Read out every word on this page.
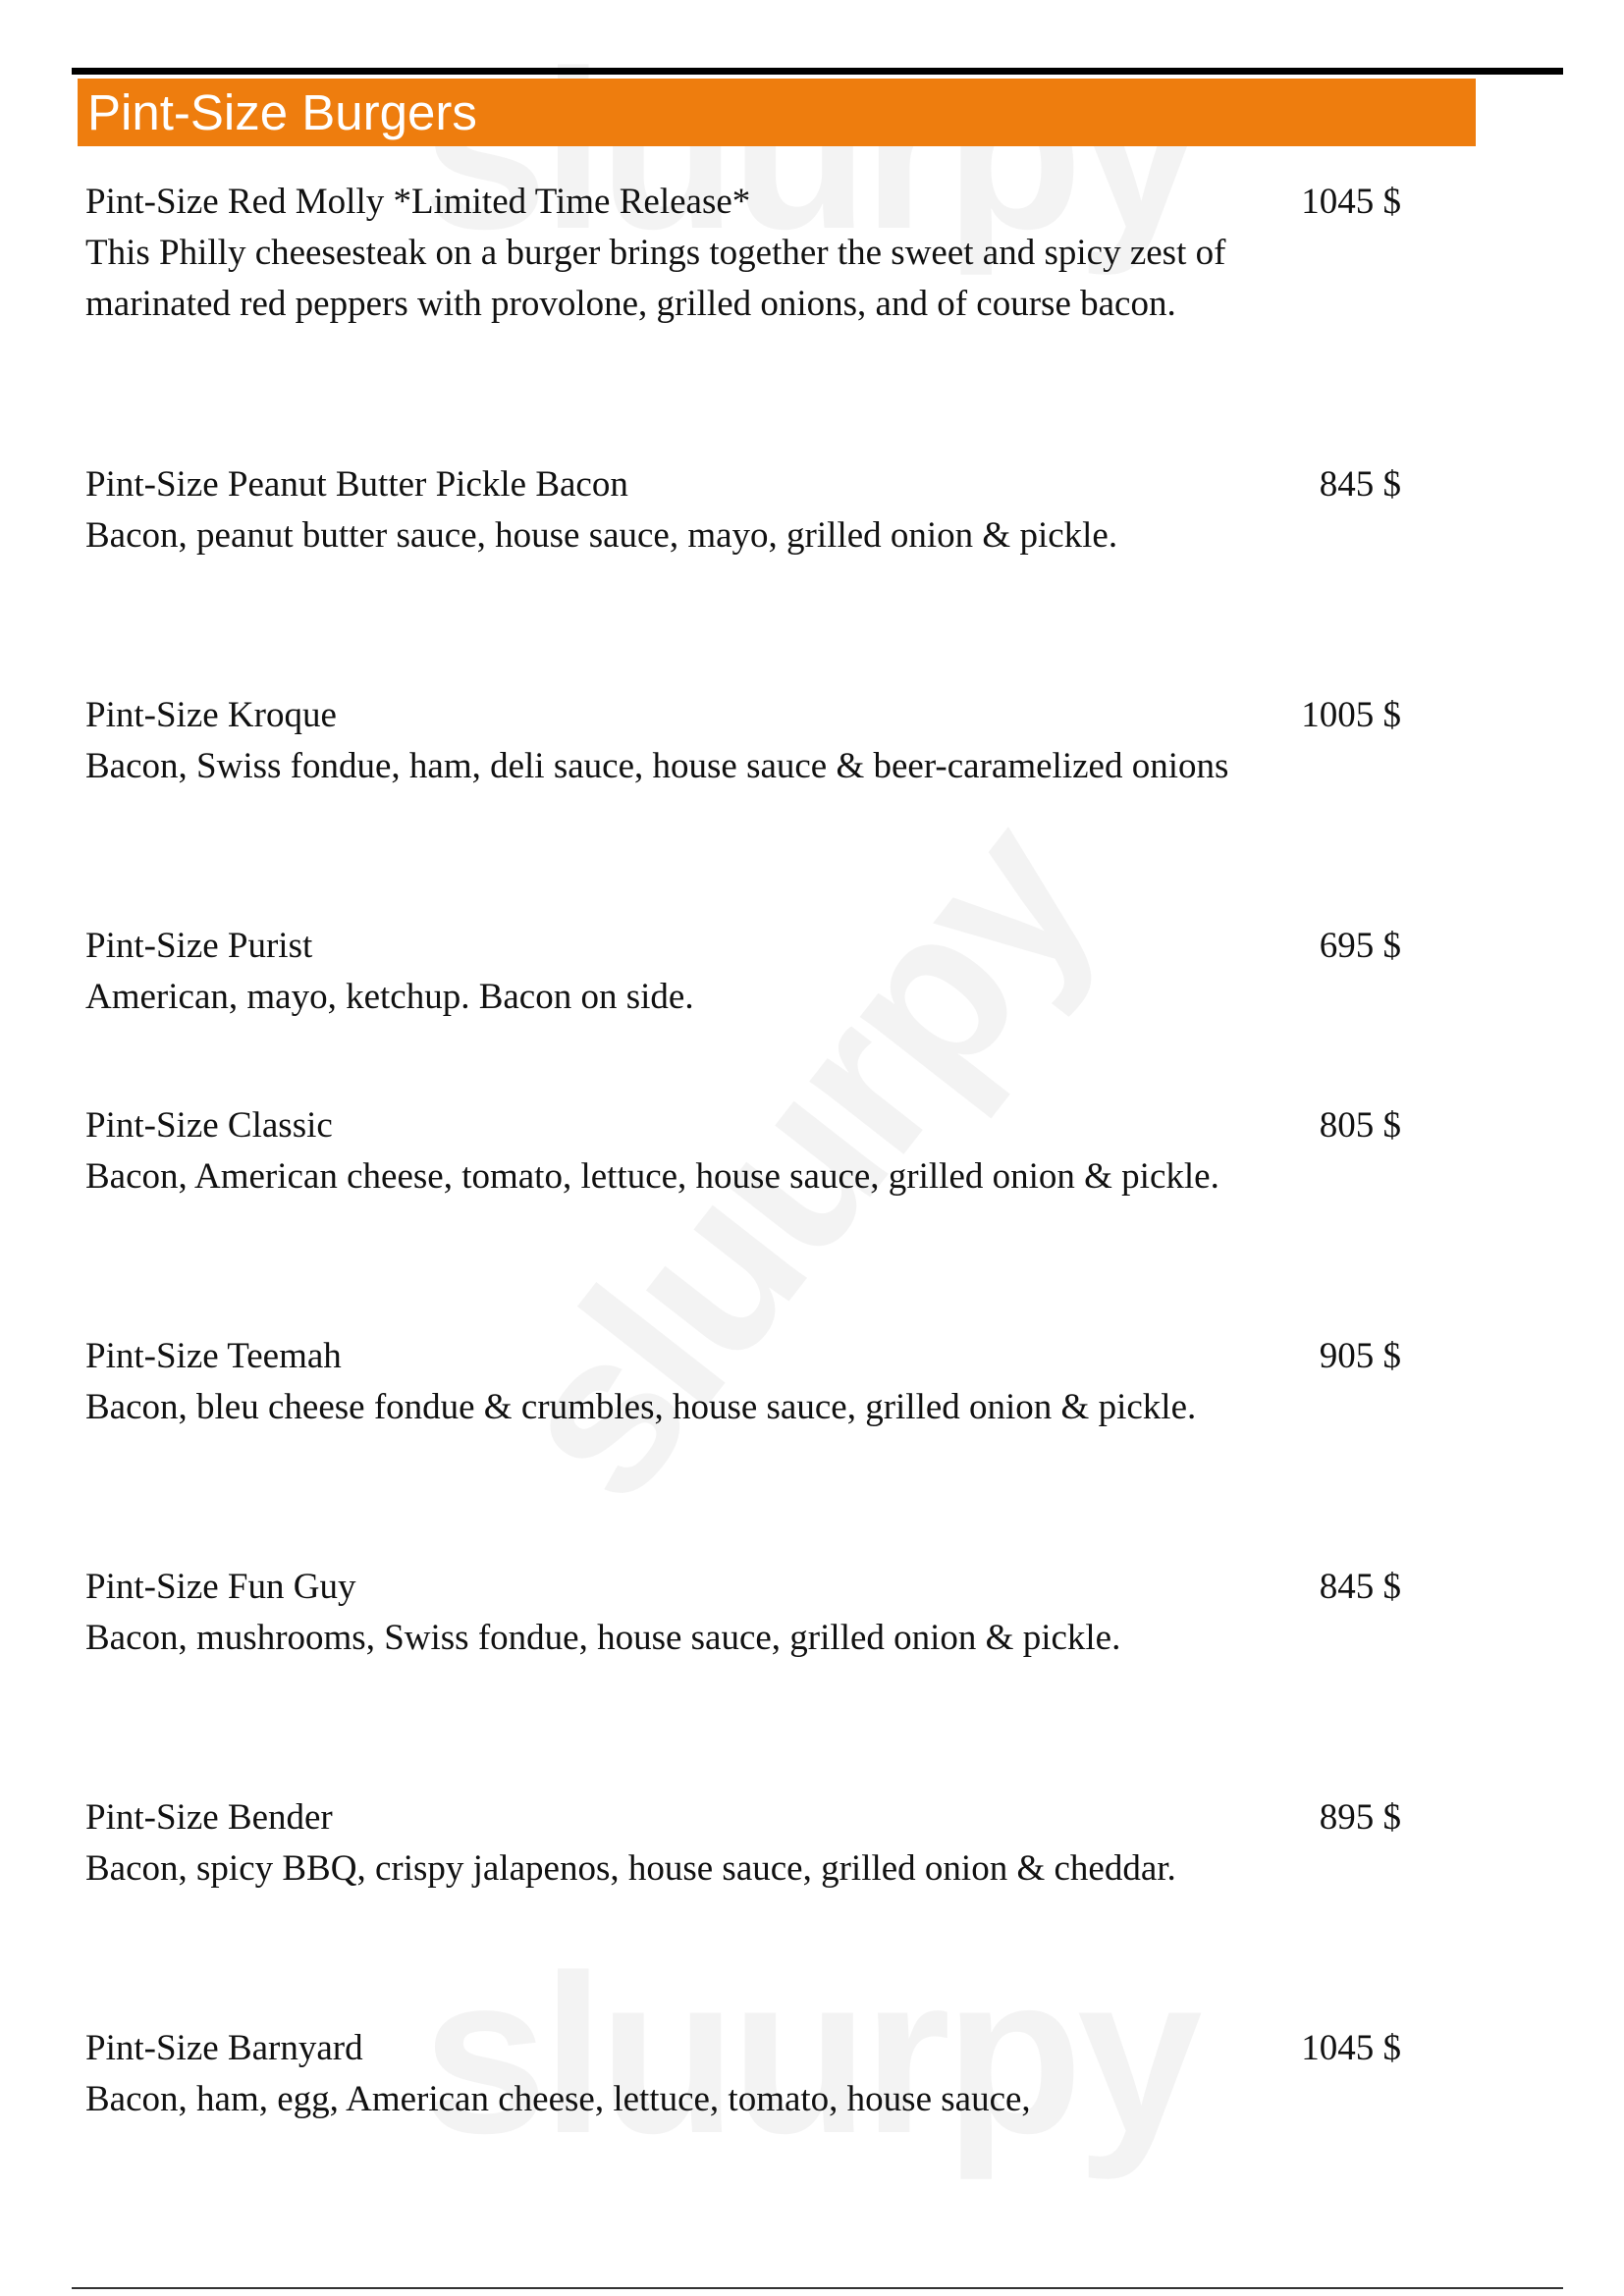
Pint-Size Burgers
Pint-Size Red Molly *Limited Time Release*
This Philly cheesesteak on a burger brings together the sweet and spicy zest of marinated red peppers with provolone, grilled onions, and of course bacon.
1045 $
Pint-Size Peanut Butter Pickle Bacon
Bacon, peanut butter sauce, house sauce, mayo, grilled onion & pickle.
845 $
Pint-Size Kroque
Bacon, Swiss fondue, ham, deli sauce, house sauce & beer-caramelized onions
1005 $
Pint-Size Purist
American, mayo, ketchup. Bacon on side.
695 $
Pint-Size Classic
Bacon, American cheese, tomato, lettuce, house sauce, grilled onion & pickle.
805 $
Pint-Size Teemah
Bacon, bleu cheese fondue & crumbles, house sauce, grilled onion & pickle.
905 $
Pint-Size Fun Guy
Bacon, mushrooms, Swiss fondue, house sauce, grilled onion & pickle.
845 $
Pint-Size Bender
Bacon, spicy BBQ, crispy jalapenos, house sauce, grilled onion & cheddar.
895 $
Pint-Size Barnyard
Bacon, ham, egg, American cheese, lettuce, tomato, house sauce,
1045 $
